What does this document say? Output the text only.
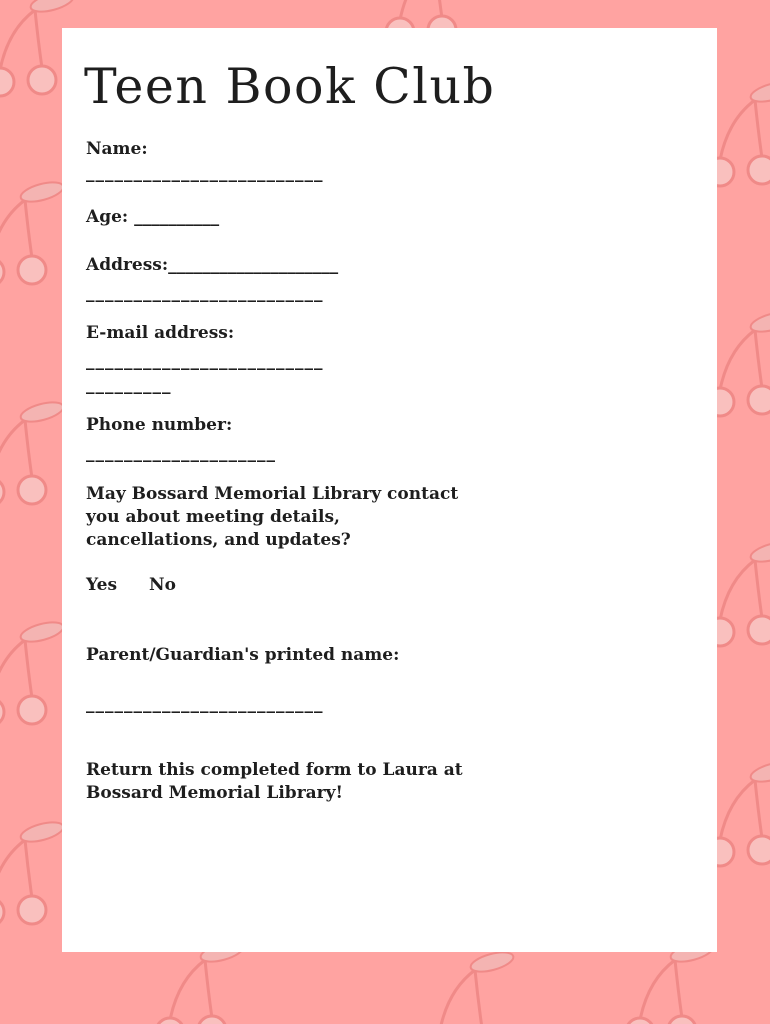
Teen Book Club

Name:

_________________________

Age: __________

Address:____________________

_________________________

E-mail address:

_________________________

_________

Phone number:

____________________

May Bossard Memorial Library contact

you about meeting details,

cancellations, and updates?

Yes No

Parent/Guardian's printed name:

_________________________

Return this completed form to Laura at

Bossard Memorial Library!
